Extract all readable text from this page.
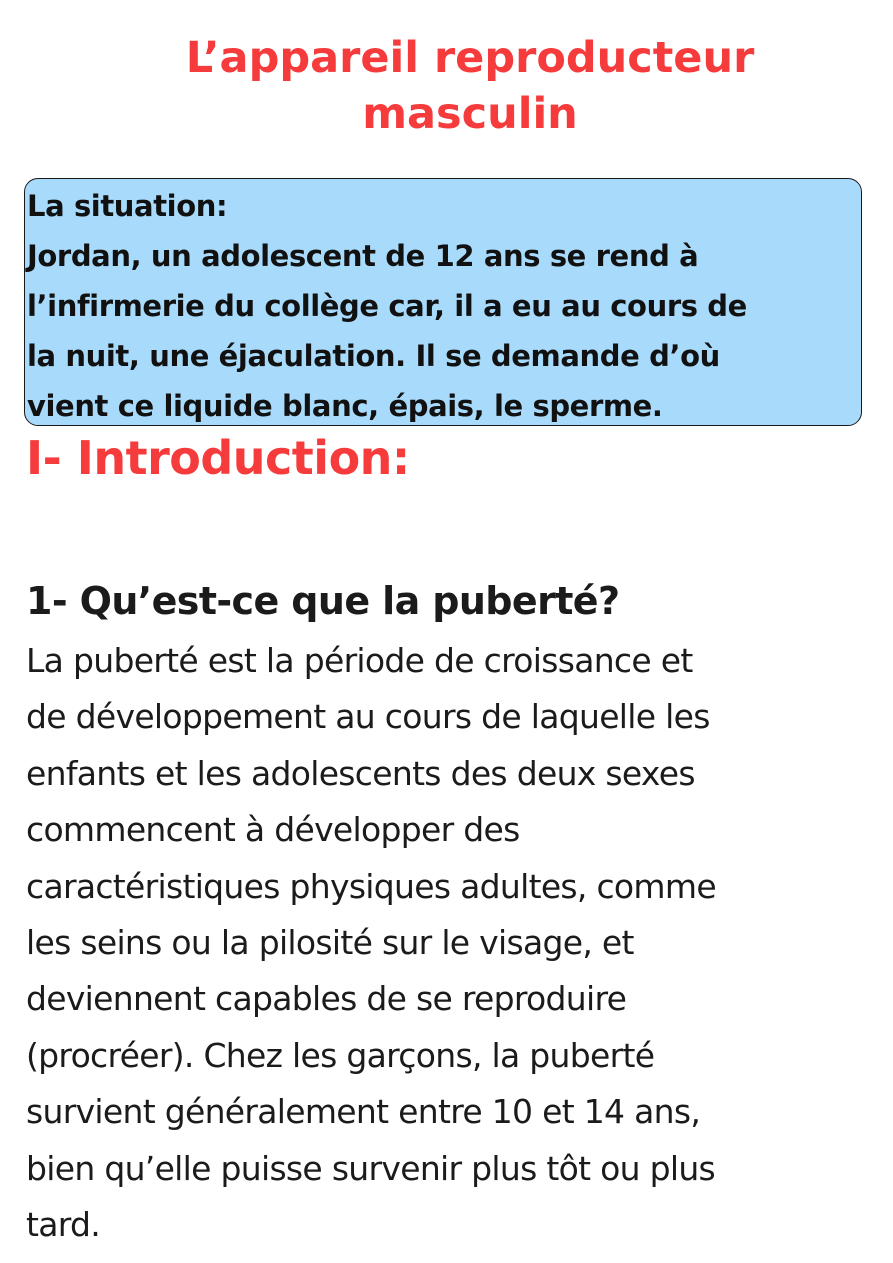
L’appareil reproducteur
masculin
La situation:
Jordan, un adolescent de 12 ans se rend à
l’infirmerie du collège car, il a eu au cours de
la nuit, une éjaculation. Il se demande d’où
vient ce liquide blanc, épais, le sperme.
I- Introduction:
1- Qu’est-ce que la puberté?

La puberté est la période de croissance et
de développement au cours de laquelle les
enfants et les adolescents des deux sexes
commencent à développer des
caractéristiques physiques adultes, comme
les seins ou la pilosité sur le visage, et
deviennent capables de se reproduire
(procréer). Chez les garçons, la puberté
survient généralement entre 10 et 14 ans,
bien qu’elle puisse survenir plus tôt ou plus
tard.
